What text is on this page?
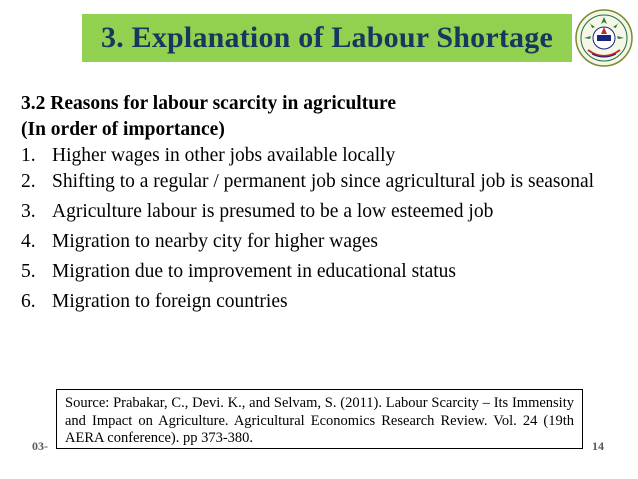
3. Explanation of Labour Shortage
3.2 Reasons for labour scarcity in agriculture
(In order of importance)
1. Higher wages in other jobs available locally
2. Shifting to a regular / permanent job since agricultural job is seasonal
3. Agriculture labour is presumed to be a low esteemed job
4. Migration to nearby city for higher wages
5. Migration due to improvement in educational status
6. Migration to foreign countries
03-	14
Source: Prabakar, C., Devi. K., and Selvam, S. (2011). Labour Scarcity – Its Immensity and Impact on Agriculture. Agricultural Economics Research Review. Vol. 24 (19th AERA conference). pp 373-380.
